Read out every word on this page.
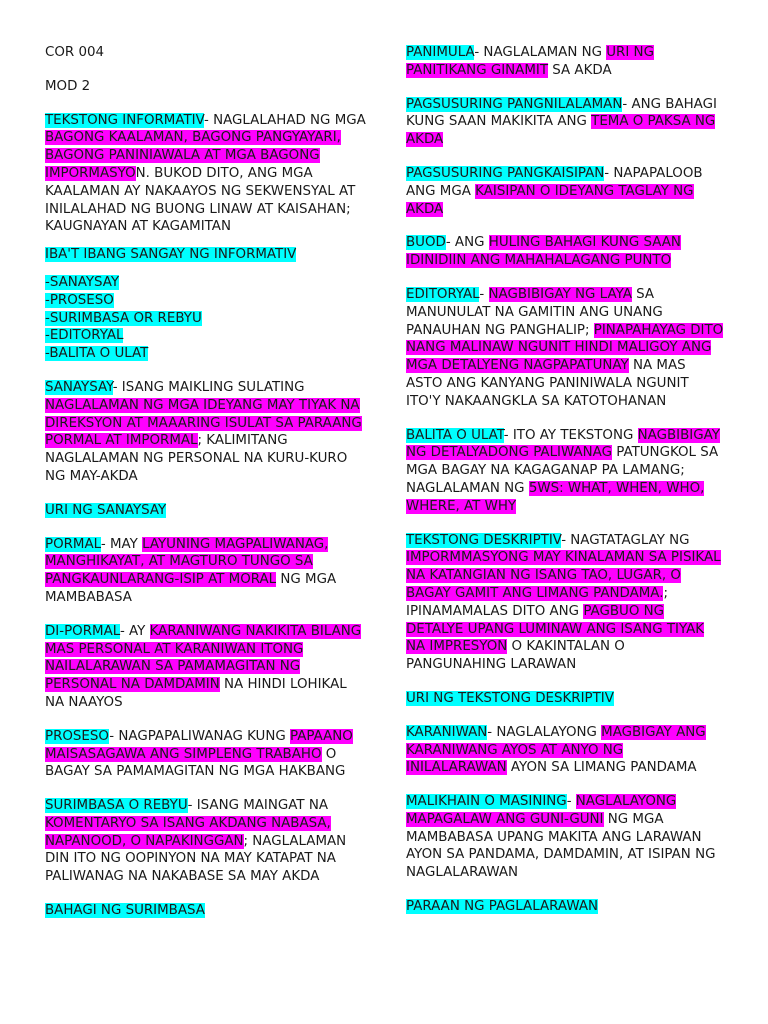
COR 004

MOD 2

TEKSTONG INFORMATIV- NAGLALAHAD NG MGA BAGONG KAALAMAN, BAGONG PANGYAYARI, BAGONG PANINIAWALA AT MGA BAGONG IMPORMASYON. BUKOD DITO, ANG MGA KAALAMAN AY NAKAAYOS NG SEKWENSYAL AT INILALAHAD NG BUONG LINAW AT KAISAHAN; KAUGNAYAN AT KAGAMITAN

IBA'T IBANG SANGAY NG INFORMATIV

-SANAYSAY
-PROSESO
-SURIMBASA OR REBYU
-EDITORYAL
-BALITA O ULAT

SANAYSAY- ISANG MAIKLING SULATING NAGLALAMAN NG MGA IDEYANG MAY TIYAK NA DIREKSYON AT MAAARING ISULAT SA PARAANG PORMAL AT IMPORMAL; KALIMITANG NAGLALAMAN NG PERSONAL NA KURU-KURO NG MAY-AKDA

URI NG SANAYSAY

PORMAL- MAY LAYUNING MAGPALIWANAG, MANGHIKAYAT, AT MAGTURO TUNGO SA PANGKAUNLARANG-ISIP AT MORAL NG MGA MAMBABASA

DI-PORMAL- AY KARANIWANG NAKIKITA BILANG MAS PERSONAL AT KARANIWAN ITONG NAILALARAWAN SA PAMAMAGITAN NG PERSONAL NA DAMDAMIN NA HINDI LOHIKAL NA NAAYOS

PROSESO- NAGPAPALIWANAG KUNG PAPAANO MAISASAGAWA ANG SIMPLENG TRABAHO O BAGAY SA PAMAMAGITAN NG MGA HAKBANG

SURIMBASA O REBYU- ISANG MAINGAT NA KOMENTARYO SA ISANG AKDANG NABASA, NAPANOOD, O NAPAKINGGAN; NAGLALAMAN DIN ITO NG OOPINYON NA MAY KATAPAT NA PALIWANAG NA NAKABASE SA MAY AKDA

BAHAGI NG SURIMBASA

PANIMULA- NAGLALAMAN NG URI NG PANITIKANG GINAMIT SA AKDA

PAGSUSURING PANGNILALAMAN- ANG BAHAGI KUNG SAAN MAKIKITA ANG TEMA O PAKSA NG AKDA

PAGSUSURING PANGKAISIPAN- NAPAPALOOB ANG MGA KAISIPAN O IDEYANG TAGLAY NG AKDA

BUOD- ANG HULING BAHAGI KUNG SAAN IDINIDIIN ANG MAHAHALAGANG PUNTO

EDITORYAL- NAGBIBIGAY NG LAYA SA MANUNULAT NA GAMITIN ANG UNANG PANAUHAN NG PANGHALIP; PINAPAHAYAG DITO NANG MALINAW NGUNIT HINDI MALIGOY ANG MGA DETALYENG NAGPAPATUNAY NA MAS ASTO ANG KANYANG PANINIWALA NGUNIT ITO'Y NAKAANGKLA SA KATOTOHANAN

BALITA O ULAT- ITO AY TEKSTONG NAGBIBIGAY NG DETALYADONG PALIWANAG PATUNGKOL SA MGA BAGAY NA KAGAGANAP PA LAMANG; NAGLALAMAN NG 5WS: WHAT, WHEN, WHO, WHERE, AT WHY

TEKSTONG DESKRIPTIV- NAGTATAGLAY NG IMPORMMASYONG MAY KINALAMAN SA PISIKAL NA KATANGIAN NG ISANG TAO, LUGAR, O BAGAY GAMIT ANG LIMANG PANDAMA.; IPINAMAMALAS DITO ANG PAGBUO NG DETALYE UPANG LUMINAW ANG ISANG TIYAK NA IMPRESYON O KAKINTALAN O PANGUNAHING LARAWAN

URI NG TEKSTONG DESKRIPTIV

KARANIWAN- NAGLALAYONG MAGBIGAY ANG KARANIWANG AYOS AT ANYO NG INILALARAWAN AYON SA LIMANG PANDAMA

MALIKHAIN O MASINING- NAGLALAYONG MAPAGALAW ANG GUNI-GUNI NG MGA MAMBABASA UPANG MAKITA ANG LARAWAN AYON SA PANDAMA, DAMDAMIN, AT ISIPAN NG NAGLALARAWAN

PARAAN NG PAGLALARAWAN
